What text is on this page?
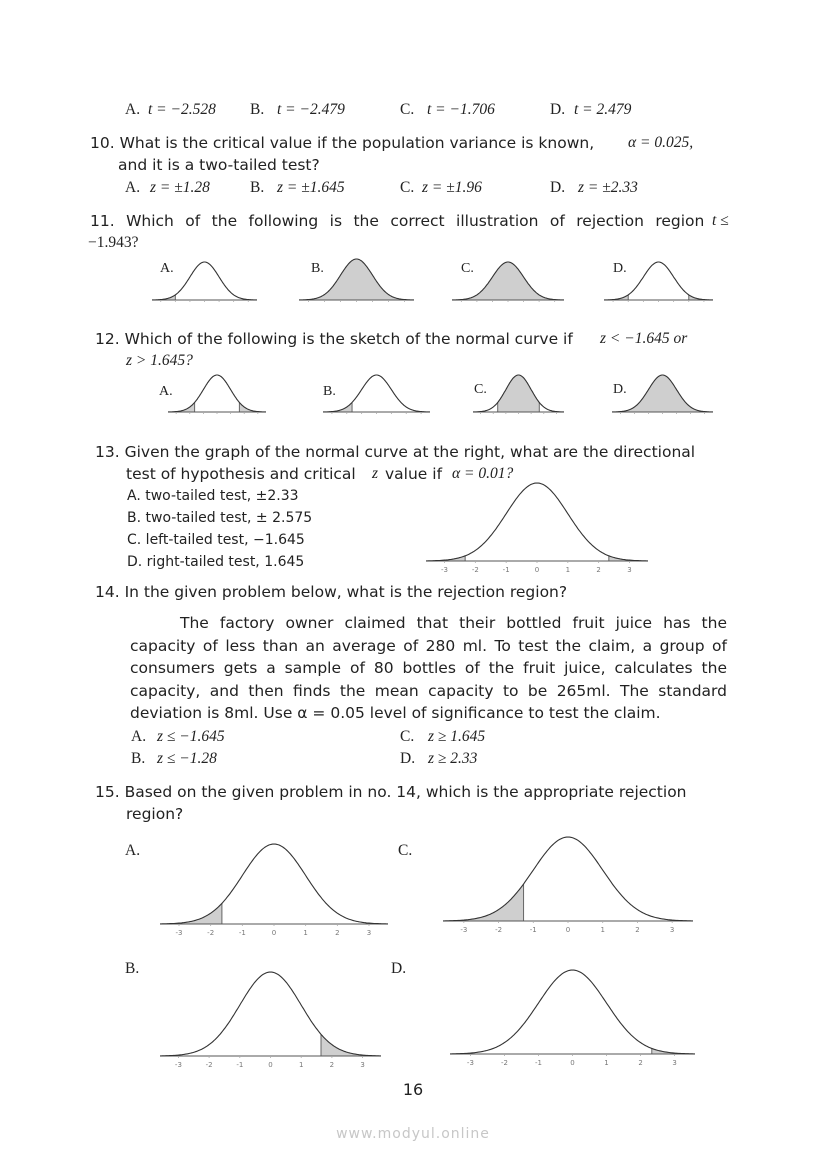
A. t = −2.528 B. t = −2.479	C. t = −1.706	D. t = 2.479
10. What is the critical value if the population variance is known, α = 0.025,
and it is a two-tailed test?
A. z = ±1.28	B. z = ±1.645	C. z = ±1.96	D. z = ±2.33
11. Which of the following is the correct illustration of rejection region t ≤
−1.943?
A.	B.	C.	D.
12. Which of the following is the sketch of the normal curve if z < −1.645 or
z > 1.645?
A.	B.	C.	D.
13. Given the graph of the normal curve at the right, what are the directional
test of hypothesis and critical z value if α = 0.01?
A. two-tailed test, ±2.33
B. two-tailed test, ± 2.575
C. left-tailed test, −1.645
D. right-tailed test, 1.645	-3	-2	-1	0	1	2	3
14. In the given problem below, what is the rejection region?

The factory owner claimed that their bottled fruit juice has the capacity of less than an average of 280 ml. To test the claim, a group of consumers gets a sample of 80 bottles of the fruit juice, calculates the capacity, and then finds the mean capacity to be 265ml. The standard deviation is 8ml. Use α = 0.05 level of significance to test the claim.

A. z ≤ −1.645	C. z ≥ 1.645
B. z ≤ −1.28	D. z ≥ 2.33
15. Based on the given problem in no. 14, which is the appropriate rejection
region?
A.	C.
B.	D.
-3	-2	-1	0	1	2	3	-3	-2	-1	0	1	2	3
-3	-2	-1	0	1	2	3	-3	-2	-1	0	1	2	3
16
www.modyul.online
